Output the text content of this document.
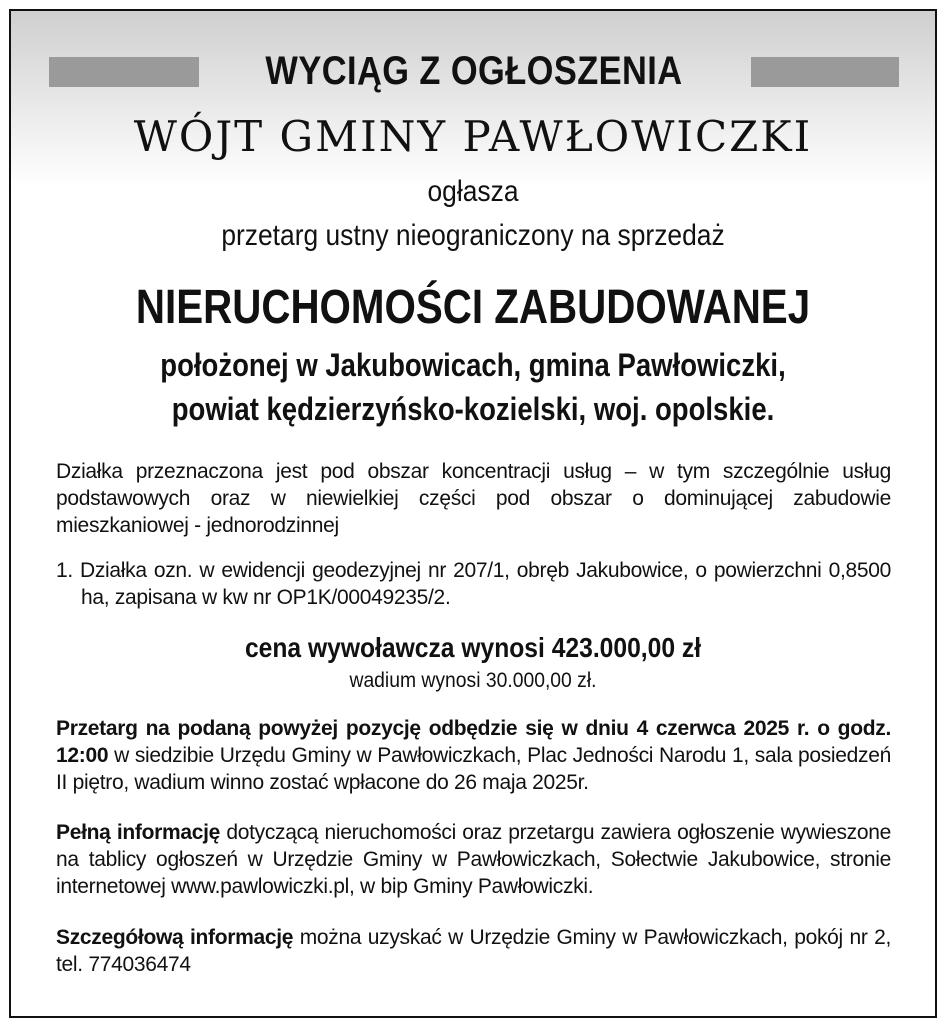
WYCIĄG Z OGŁOSZENIA
WÓJT GMINY PAWŁOWICZKI
ogłasza
przetarg ustny nieograniczony na sprzedaż
NIERUCHOMOŚCI ZABUDOWANEJ
położonej w Jakubowicach, gmina Pawłowiczki,
powiat kędzierzyńsko-kozielski, woj. opolskie.
Działka przeznaczona jest pod obszar koncentracji usług – w tym szczególnie usług podstawowych oraz w niewielkiej części pod obszar o dominującej zabudowie mieszkaniowej - jednorodzinnej
1. Działka ozn. w ewidencji geodezyjnej nr 207/1, obręb Jakubowice, o powierzchni 0,8500 ha, zapisana w kw nr OP1K/00049235/2.
cena wywoławcza wynosi 423.000,00 zł
wadium wynosi 30.000,00 zł.
Przetarg na podaną powyżej pozycję odbędzie się w dniu 4 czerwca 2025 r. o godz. 12:00 w siedzibie Urzędu Gminy w Pawłowiczkach, Plac Jedności Narodu 1, sala posiedzeń II piętro, wadium winno zostać wpłacone do 26 maja 2025r.
Pełną informację dotyczącą nieruchomości oraz przetargu zawiera ogłoszenie wywieszone na tablicy ogłoszeń w Urzędzie Gminy w Pawłowiczkach, Sołectwie Jakubowice, stronie internetowej www.pawlowiczki.pl, w bip Gminy Pawłowiczki.
Szczegółową informację można uzyskać w Urzędzie Gminy w Pawłowiczkach, pokój nr 2, tel. 774036474
